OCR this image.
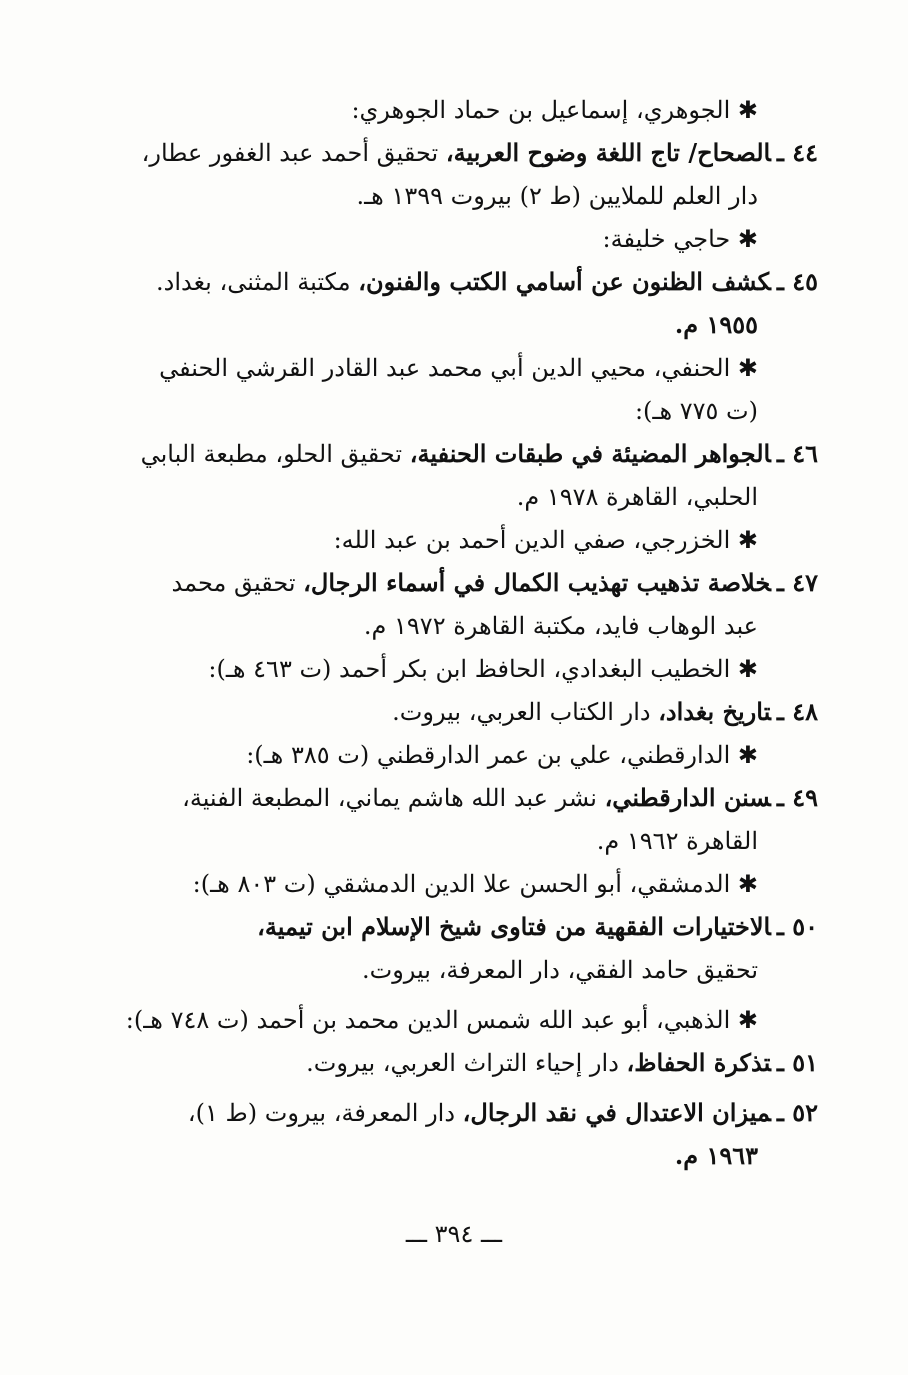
✱ الجوهري، إسماعيل بن حماد الجوهري:
٤٤ ـالصحاح/ تاج اللغة وضوح العربية، تحقيق أحمد عبد الغفور عطار،
دار العلم للملايين (ط ٢) بيروت ١٣٩٩ هـ.
✱ حاجي خليفة:
٤٥ ـكشف الظنون عن أسامي الكتب والفنون، مكتبة المثنى، بغداد.
١٩٥٥ م.
✱ الحنفي، محيي الدين أبي محمد عبد القادر القرشي الحنفي
(ت ٧٧٥ هـ):
٤٦ ـالجواهر المضيئة في طبقات الحنفية، تحقيق الحلو، مطبعة البابي
الحلبي، القاهرة ١٩٧٨ م.
✱ الخزرجي، صفي الدين أحمد بن عبد الله:
٤٧ ـخلاصة تذهيب تهذيب الكمال في أسماء الرجال، تحقيق محمد
عبد الوهاب فايد، مكتبة القاهرة ١٩٧٢ م.
✱ الخطيب البغدادي، الحافظ ابن بكر أحمد (ت ٤٦٣ هـ):
٤٨ ـتاريخ بغداد، دار الكتاب العربي، بيروت.
✱ الدارقطني، علي بن عمر الدارقطني (ت ٣٨٥ هـ):
٤٩ ـسنن الدارقطني، نشر عبد الله هاشم يماني، المطبعة الفنية،
القاهرة ١٩٦٢ م.
✱ الدمشقي، أبو الحسن علا الدين الدمشقي (ت ٨٠٣ هـ):
٥٠ ـالاختيارات الفقهية من فتاوى شيخ الإسلام ابن تيمية،
تحقيق حامد الفقي، دار المعرفة، بيروت.
✱ الذهبي، أبو عبد الله شمس الدين محمد بن أحمد (ت ٧٤٨ هـ):
٥١ ـتذكرة الحفاظ، دار إحياء التراث العربي، بيروت.
٥٢ ـميزان الاعتدال في نقد الرجال، دار المعرفة، بيروت (ط ١)،
١٩٦٣ م.
ـــ ٣٩٤ ـــ
